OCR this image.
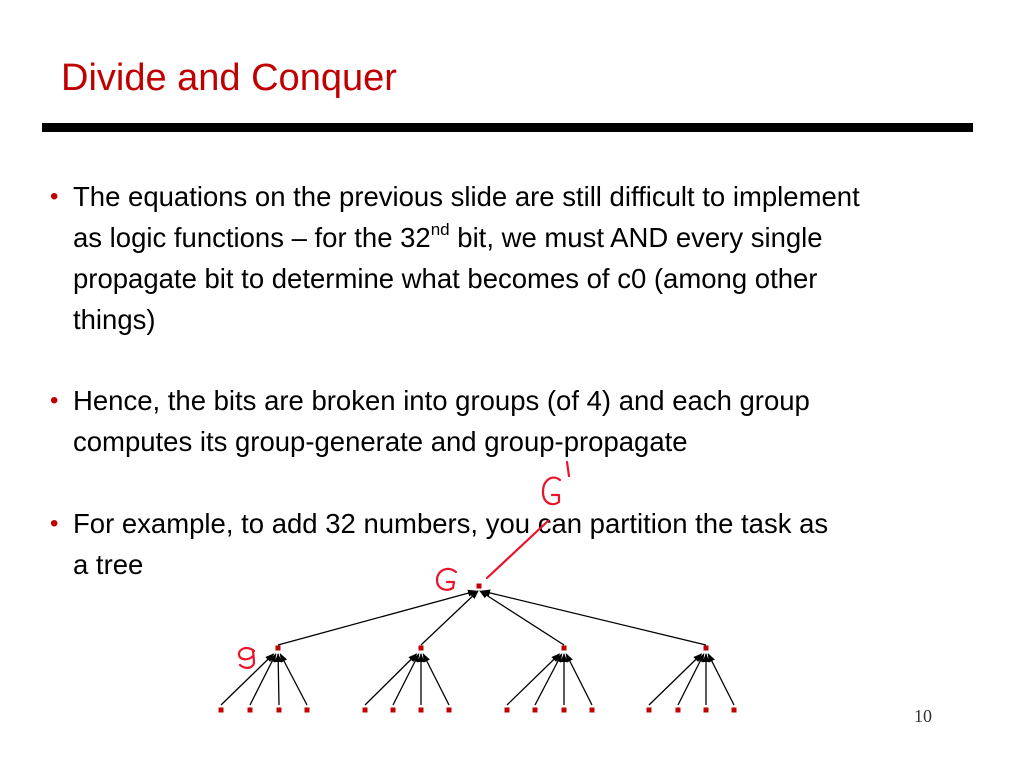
Divide and Conquer
• The equations on the previous slide are still difficult to implement
as logic functions – for the 32nd bit, we must AND every single
propagate bit to determine what becomes of c0 (among other
things)
• Hence, the bits are broken into groups (of 4) and each group
computes its group-generate and group-propagate
• For example, to add 32 numbers, you can partition the task as
a tree
10
